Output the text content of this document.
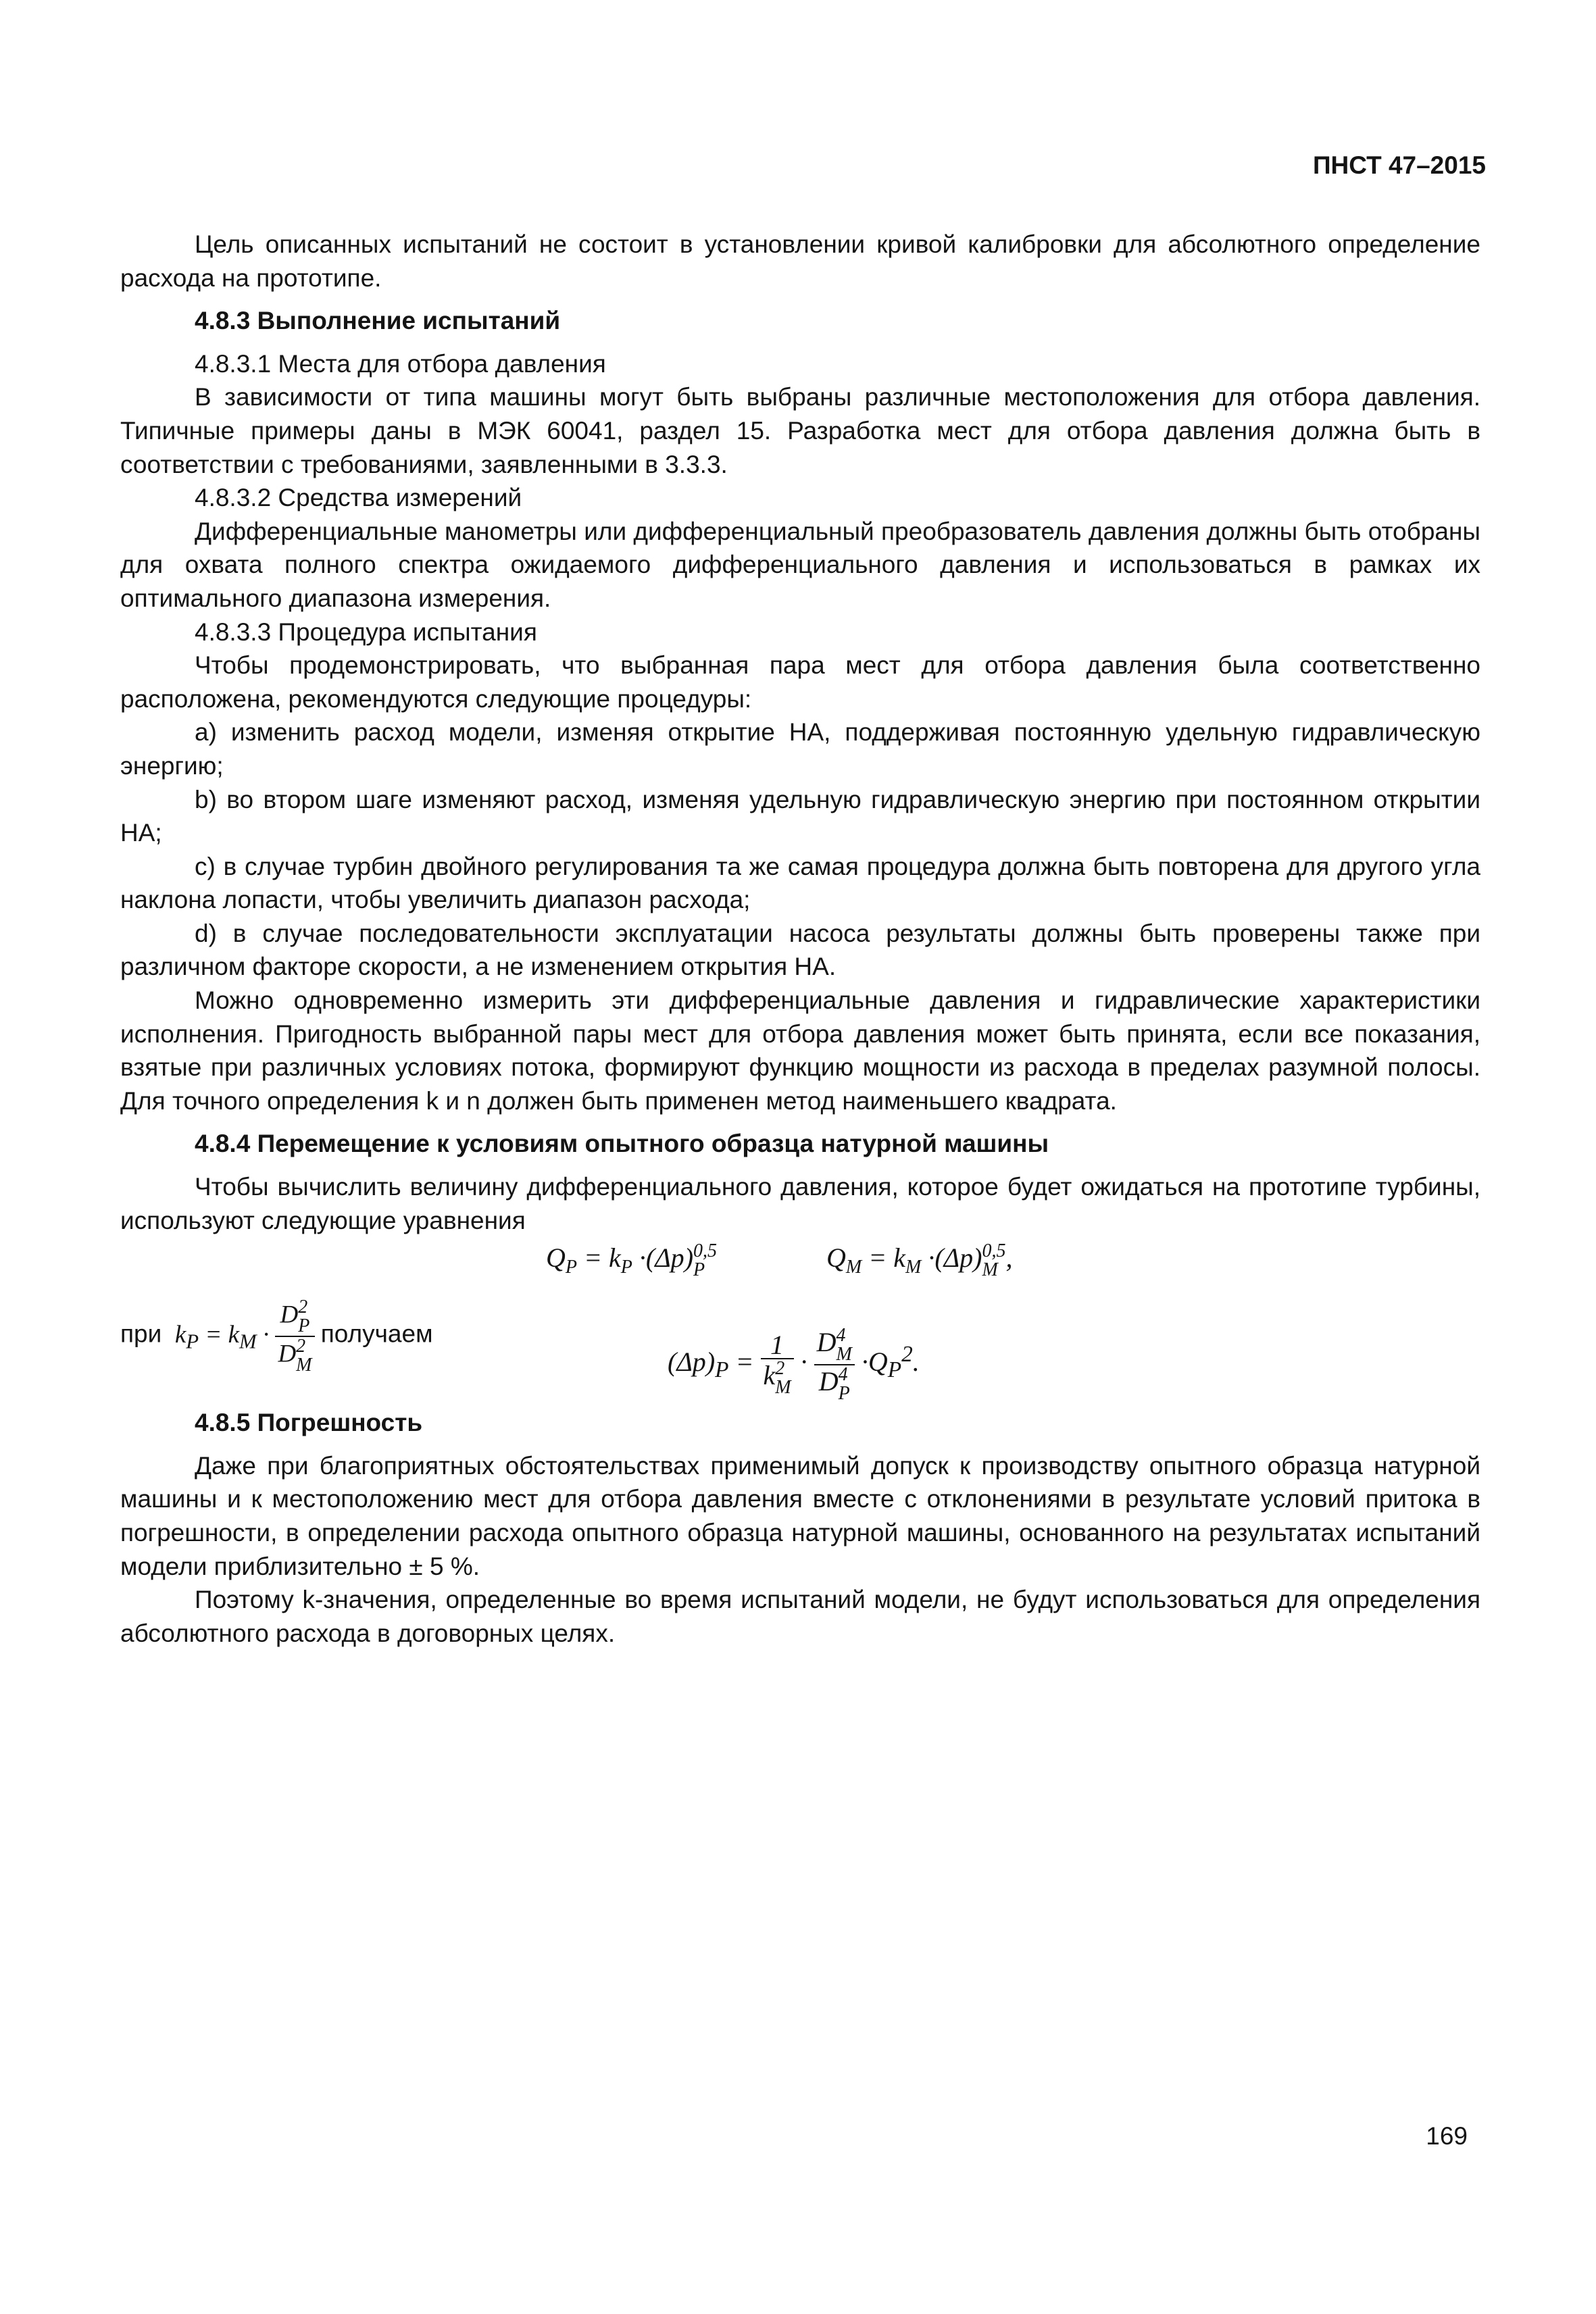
ПНСТ 47–2015

Цель описанных испытаний не состоит в установлении кривой калибровки для абсолютного определение расхода на прототипе.

4.8.3 Выполнение испытаний

4.8.3.1 Места для отбора давления

В зависимости от типа машины могут быть выбраны различные местоположения для отбора давления. Типичные примеры даны в МЭК 60041, раздел 15. Разработка мест для отбора давления должна быть в соответствии с требованиями, заявленными в 3.3.3.

4.8.3.2 Средства измерений

Дифференциальные манометры или дифференциальный преобразователь давления должны быть отобраны для охвата полного спектра ожидаемого дифференциального давления и использоваться в рамках их оптимального диапазона измерения.

4.8.3.3 Процедура испытания

Чтобы продемонстрировать, что выбранная пара мест для отбора давления была соответственно расположена, рекомендуются следующие процедуры:

a) изменить расход модели, изменяя открытие НА, поддерживая постоянную удельную гидравлическую энергию;

b) во втором шаге изменяют расход, изменяя удельную гидравлическую энергию при постоянном открытии НА;

c) в случае турбин двойного регулирования та же самая процедура должна быть повторена для другого угла наклона лопасти, чтобы увеличить диапазон расхода;

d) в случае последовательности эксплуатации насоса результаты должны быть проверены также при различном факторе скорости, а не изменением открытия НА.

Можно одновременно измерить эти дифференциальные давления и гидравлические характеристики исполнения. Пригодность выбранной пары мест для отбора давления может быть принята, если все показания, взятые при различных условиях потока, формируют функцию мощности из расхода в пределах разумной полосы. Для точного определения k и n должен быть применен метод наименьшего квадрата.

4.8.4 Перемещение к условиям опытного образца натурной машины

Чтобы вычислить величину дифференциального давления, которое будет ожидаться на прототипе турбины, используют следующие уравнения

$Q_P = k_P \cdot(\Delta p)$ 0,5
P	$Q_M = k_M \cdot(\Delta p)$ 0,5
M ,
при $k_P = k_M \cdot D$ 2
P
D 2
M получаем
$(\Delta p)_P = 1$
k 2
M · D 4
M
D 4
$P \cdot Q_P^2$.
4.8.5 Погрешность

Даже при благоприятных обстоятельствах применимый допуск к производству опытного образца натурной машины и к местоположению мест для отбора давления вместе с отклонениями в результате условий притока в погрешности, в определении расхода опытного образца натурной машины, основанного на результатах испытаний модели приблизительно ± 5 %.

Поэтому k-значения, определенные во время испытаний модели, не будут использоваться для определения абсолютного расхода в договорных целях.

169
